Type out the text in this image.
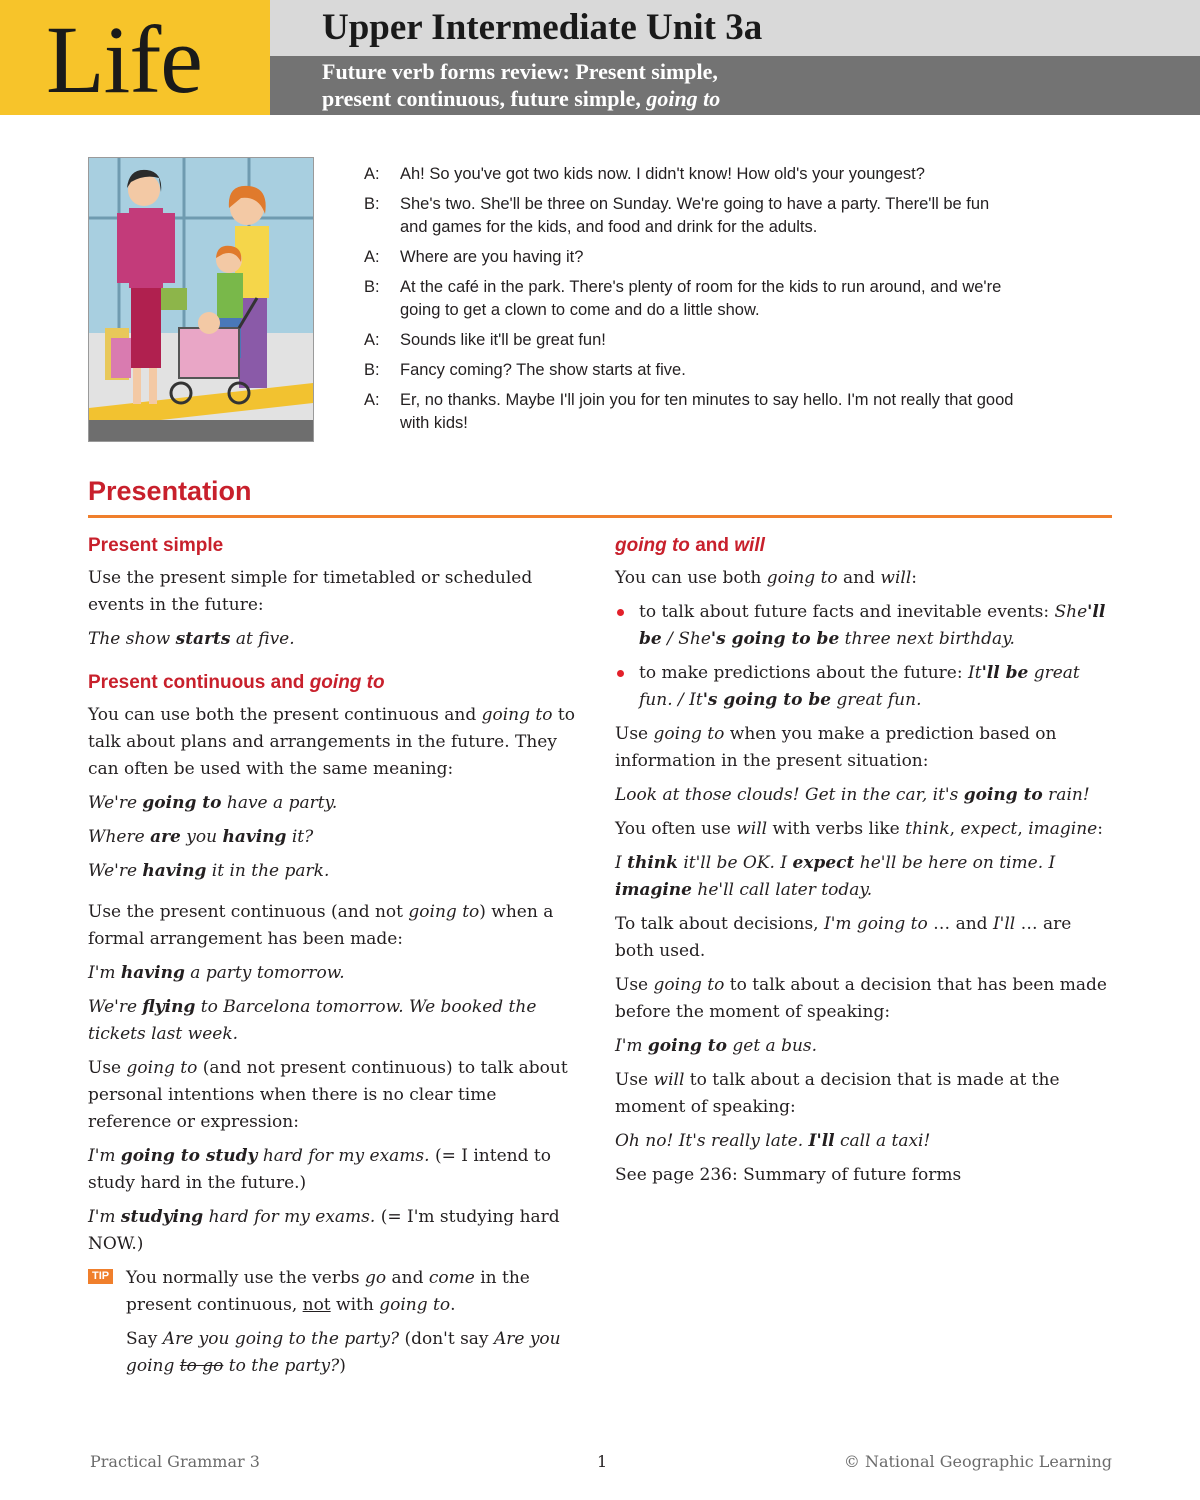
Life	Upper Intermediate Unit 3a
Future verb forms review: Present simple,
present continuous, future simple, going to
A:	Ah! So you've got two kids now. I didn't know! How old's your youngest?
B:	She's two. She'll be three on Sunday. We're going to have a party. There'll be fun and games for the kids, and food and drink for the adults.
A:	Where are you having it?
B:	At the café in the park. There's plenty of room for the kids to run around, and we're going to get a clown to come and do a little show.
A:	Sounds like it'll be great fun!
B:	Fancy coming? The show starts at five.
A:	Er, no thanks. Maybe I'll join you for ten minutes to say hello. I'm not really that good with kids!
Presentation
Present simple

Use the present simple for timetabled or scheduled events in the future:

The show starts at five.

Present continuous and going to

You can use both the present continuous and going to to talk about plans and arrangements in the future. They can often be used with the same meaning:

We're going to have a party.

Where are you having it?

We're having it in the park.

Use the present continuous (and not going to) when a formal arrangement has been made:

I'm having a party tomorrow.

We're flying to Barcelona tomorrow. We booked the tickets last week.

Use going to (and not present continuous) to talk about personal intentions when there is no clear time reference or expression:

I'm going to study hard for my exams. (= I intend to study hard in the future.)

I'm studying hard for my exams. (= I'm studying hard NOW.)

TIP You normally use the verbs go and come in the present continuous, not with going to.
Say Are you going to the party? (don't say Are you going to go to the party?)
going to and will

You can use both going to and will:

to talk about future facts and inevitable events: She'll be / She's going to be three next birthday.
to make predictions about the future: It'll be great fun. / It's going to be great fun.

Use going to when you make a prediction based on information in the present situation:

Look at those clouds! Get in the car, it's going to rain!

You often use will with verbs like think, expect, imagine:

I think it'll be OK. I expect he'll be here on time. I imagine he'll call later today.

To talk about decisions, I'm going to … and I'll … are both used.

Use going to to talk about a decision that has been made before the moment of speaking:

I'm going to get a bus.

Use will to talk about a decision that is made at the moment of speaking:

Oh no! It's really late. I'll call a taxi!

See page 236: Summary of future forms

Practical Grammar 3	1	© National Geographic Learning
